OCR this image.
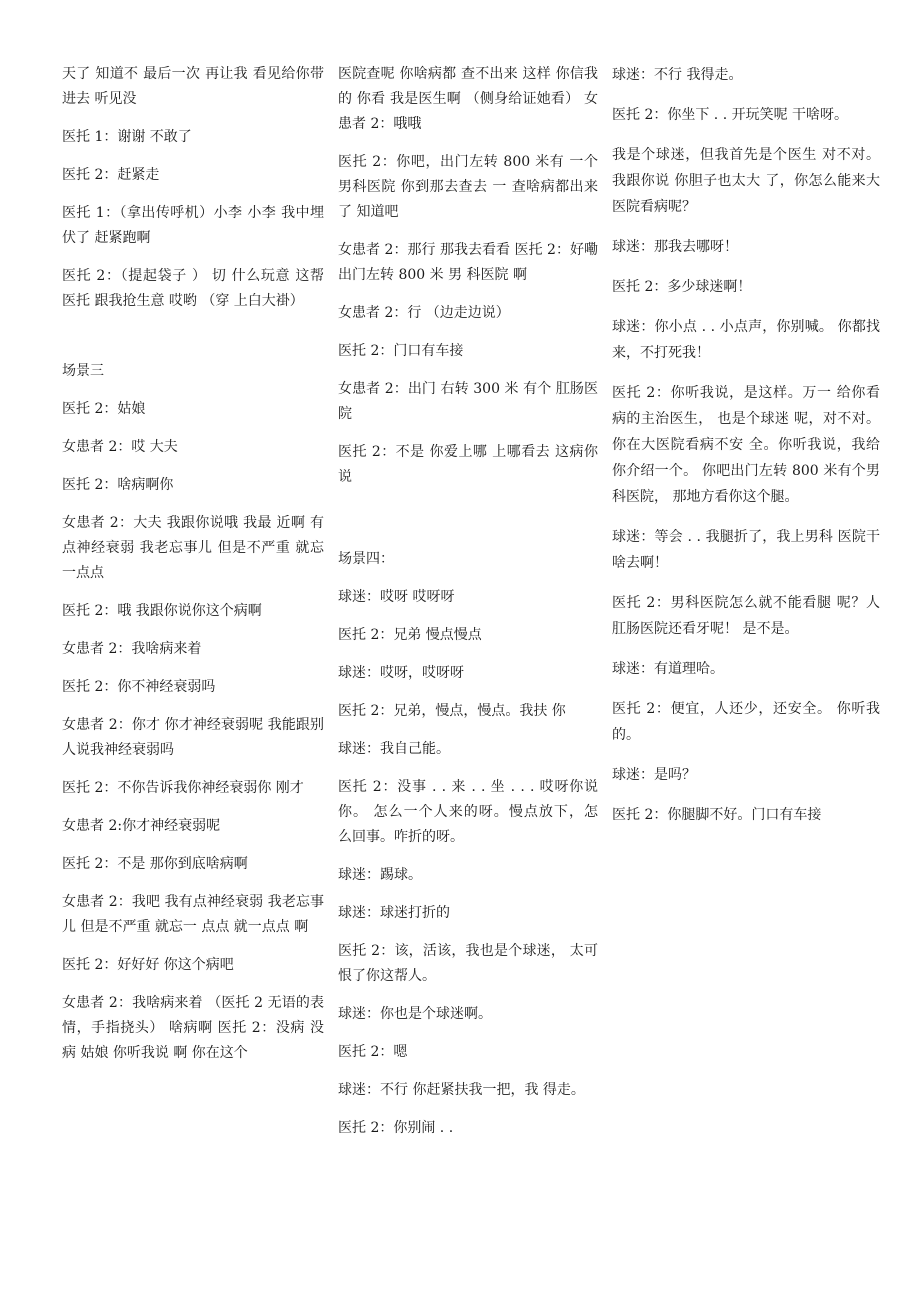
天了 知道不 最后一次 再让我 看见给你带进去 听见没

医托 1：谢谢 不敢了

医托 2：赶紧走

医托 1：（拿出传呼机）小李 小李 我中埋伏了 赶紧跑啊

医托 2：（提起袋子 ） 切 什么玩意 这帮医托 跟我抢生意 哎哟 （穿 上白大褂）

场景三

医托 2：姑娘

女患者 2：哎 大夫

医托 2：啥病啊你

女患者 2：大夫 我跟你说哦 我最 近啊 有点神经衰弱 我老忘事儿 但是不严重 就忘一点点

医托 2：哦 我跟你说你这个病啊

女患者 2：我啥病来着

医托 2：你不神经衰弱吗

女患者 2：你才 你才神经衰弱呢 我能跟别人说我神经衰弱吗

医托 2：不你告诉我你神经衰弱你 刚才

女患者 2:你才神经衰弱呢

医托 2：不是 那你到底啥病啊

女患者 2：我吧 我有点神经衰弱 我老忘事儿 但是不严重 就忘一 点点 就一点点 啊

医托 2：好好好 你这个病吧

女患者 2：我啥病来着 （医托 2 无语的表情，手指挠头） 啥病啊 医托 2：没病 没病 姑娘 你听我说 啊 你在这个

医院查呢 你啥病都 查不出来 这样 你信我的 你看 我是医生啊 （侧身给证她看） 女患者 2：哦哦

医托 2：你吧，出门左转 800 米有 一个男科医院 你到那去查去 一 查啥病都出来了 知道吧

女患者 2：那行 那我去看看 医托 2：好嘞 出门左转 800 米 男 科医院 啊

女患者 2：行 （边走边说）

医托 2：门口有车接

女患者 2：出门 右转 300 米 有个 肛肠医院

医托 2：不是 你爱上哪 上哪看去 这病你说

场景四：

球迷：哎呀 哎呀呀

医托 2：兄弟 慢点慢点

球迷：哎呀，哎呀呀

医托 2：兄弟，慢点，慢点。我扶 你

球迷：我自己能。

医托 2：没事 . . 来 . . 坐 . . . 哎呀你说你。 怎么一个人来的呀。慢点放下，怎 么回事。咋折的呀。

球迷：踢球。

球迷：球迷打折的

医托 2：该，活该，我也是个球迷， 太可恨了你这帮人。

球迷：你也是个球迷啊。

医托 2：嗯

球迷：不行 你赶紧扶我一把，我 得走。

医托 2：你别闹 . .

球迷：不行 我得走。

医托 2：你坐下 . . 开玩笑呢 干啥呀。

我是个球迷，但我首先是个医生 对不对。我跟你说 你胆子也太大 了，你怎么能来大医院看病呢？

球迷：那我去哪呀！

医托 2：多少球迷啊！

球迷：你小点 . . 小点声，你别喊。 你都找来，不打死我！

医托 2：你听我说，是这样。万一 给你看病的主治医生， 也是个球迷 呢，对不对。你在大医院看病不安 全。你听我说，我给你介绍一个。 你吧出门左转 800 米有个男科医院， 那地方看你这个腿。

球迷：等会 . . 我腿折了，我上男科 医院干啥去啊！

医托 2：男科医院怎么就不能看腿 呢？人肛肠医院还看牙呢！ 是不是。

球迷：有道理哈。

医托 2：便宜，人还少，还安全。 你听我的。

球迷：是吗？

医托 2：你腿脚不好。门口有车接
